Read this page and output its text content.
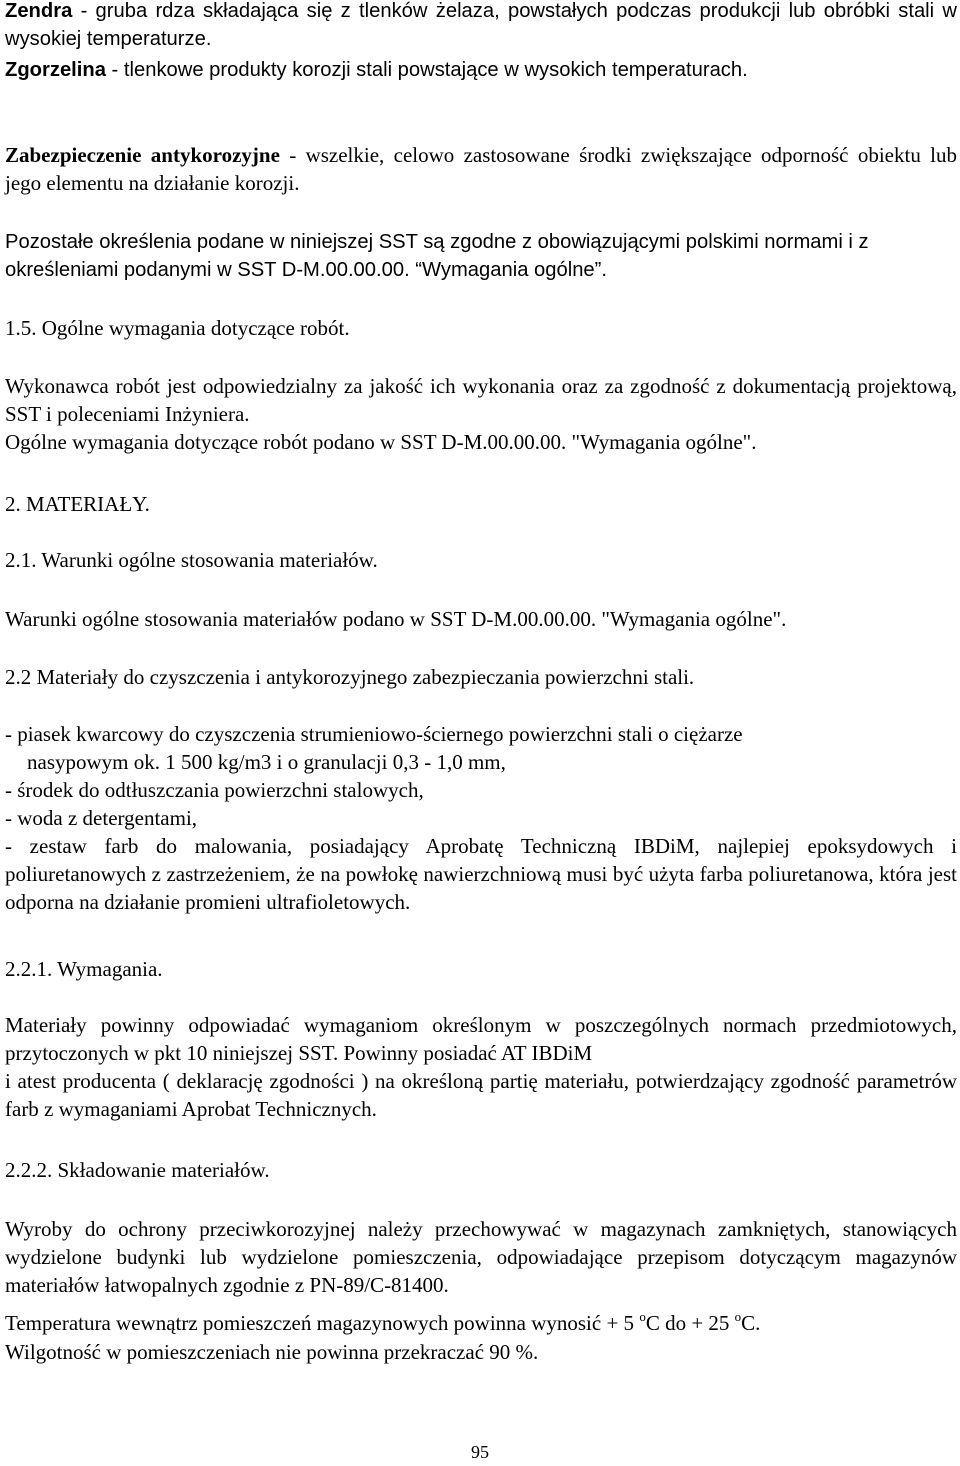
Zendra - gruba rdza składająca się z tlenków żelaza, powstałych podczas produkcji lub obróbki stali w wysokiej temperaturze.

Zgorzelina - tlenkowe produkty korozji stali powstające w wysokich temperaturach.

Zabezpieczenie antykorozyjne - wszelkie, celowo zastosowane środki zwiększające odporność obiektu lub jego elementu na działanie korozji.

Pozostałe określenia podane w niniejszej SST są zgodne z obowiązującymi polskimi normami i z określeniami podanymi w SST D-M.00.00.00. “Wymagania ogólne”.

1.5. Ogólne wymagania dotyczące robót.

Wykonawca robót jest odpowiedzialny za jakość ich wykonania oraz za zgodność z dokumentacją projektową, SST i poleceniami Inżyniera.

Ogólne wymagania dotyczące robót podano w SST D-M.00.00.00. "Wymagania ogólne".

2. MATERIAŁY.

2.1. Warunki ogólne stosowania materiałów.

Warunki ogólne stosowania materiałów podano w SST D-M.00.00.00. "Wymagania ogólne".

2.2 Materiały do czyszczenia i antykorozyjnego zabezpieczania powierzchni stali.

- piasek kwarcowy do czyszczenia strumieniowo-ściernego powierzchni stali o ciężarze
nasypowym ok. 1 500 kg/m3 i o granulacji 0,3 - 1,0 mm,
- środek do odtłuszczania powierzchni stalowych,
- woda z detergentami,
- zestaw farb do malowania, posiadający Aprobatę Techniczną IBDiM, najlepiej epoksydowych i poliuretanowych z zastrzeżeniem, że na powłokę nawierzchniową musi być użyta farba poliuretanowa, która jest odporna na działanie promieni ultrafioletowych.

2.2.1. Wymagania.

Materiały powinny odpowiadać wymaganiom określonym w poszczególnych normach przedmiotowych, przytoczonych w pkt 10 niniejszej SST. Powinny posiadać AT IBDiM
i atest producenta ( deklarację zgodności ) na określoną partię materiału, potwierdzający zgodność parametrów farb z wymaganiami Aprobat Technicznych.

2.2.2. Składowanie materiałów.

Wyroby do ochrony przeciwkorozyjnej należy przechowywać w magazynach zamkniętych, stanowiących wydzielone budynki lub wydzielone pomieszczenia, odpowiadające przepisom dotyczącym magazynów materiałów łatwopalnych zgodnie z PN-89/C-81400.

Temperatura wewnątrz pomieszczeń magazynowych powinna wynosić + 5 $^o$C do + 25 $^o$C.

Wilgotność w pomieszczeniach nie powinna przekraczać 90 %.

95
